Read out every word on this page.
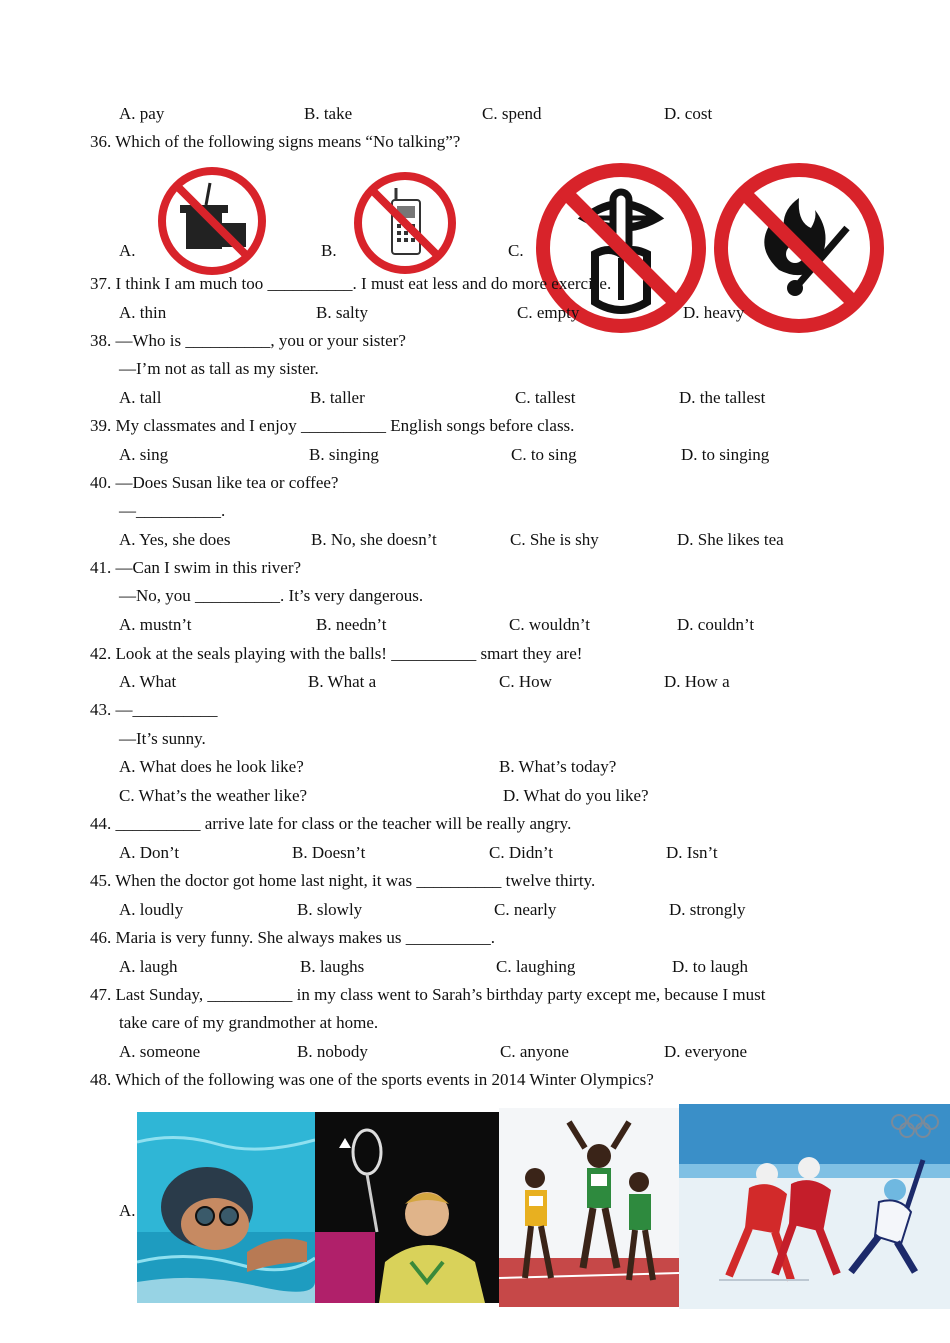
A. pay	B. take	C. spend	D. cost
36. Which of the following signs means “No talking”?
A.	B.	C.
37. I think I am much too __________. I must eat less and do more exercise.
A. thin	B. salty	C. empty	D. heavy
38. —Who is __________, you or your sister?
—I’m not as tall as my sister.
A. tall	B. taller	C. tallest	D. the tallest
39. My classmates and I enjoy __________ English songs before class.
A. sing	B. singing	C. to sing	D. to singing
40. —Does Susan like tea or coffee?
—__________.
A. Yes, she does	B. No, she doesn’t	C. She is shy	D. She likes tea
41. —Can I swim in this river?
—No, you __________. It’s very dangerous.
A. mustn’t	B. needn’t	C. wouldn’t	D. couldn’t
42. Look at the seals playing with the balls! __________ smart they are!
A. What	B. What a	C. How	D. How a
43. —__________
—It’s sunny.
A. What does he look like?	B. What’s today?
C. What’s the weather like?	D. What do you like?
44. __________ arrive late for class or the teacher will be really angry.
A. Don’t	B. Doesn’t	C. Didn’t	D. Isn’t
45. When the doctor got home last night, it was __________ twelve thirty.
A. loudly	B. slowly	C. nearly	D. strongly
46. Maria is very funny. She always makes us __________.
A. laugh	B. laughs	C. laughing	D. to laugh
47. Last Sunday, __________ in my class went to Sarah’s birthday party except me, because I must
take care of my grandmother at home.
A. someone	B. nobody	C. anyone	D. everyone
48. Which of the following was one of the sports events in 2014 Winter Olympics?
A.
